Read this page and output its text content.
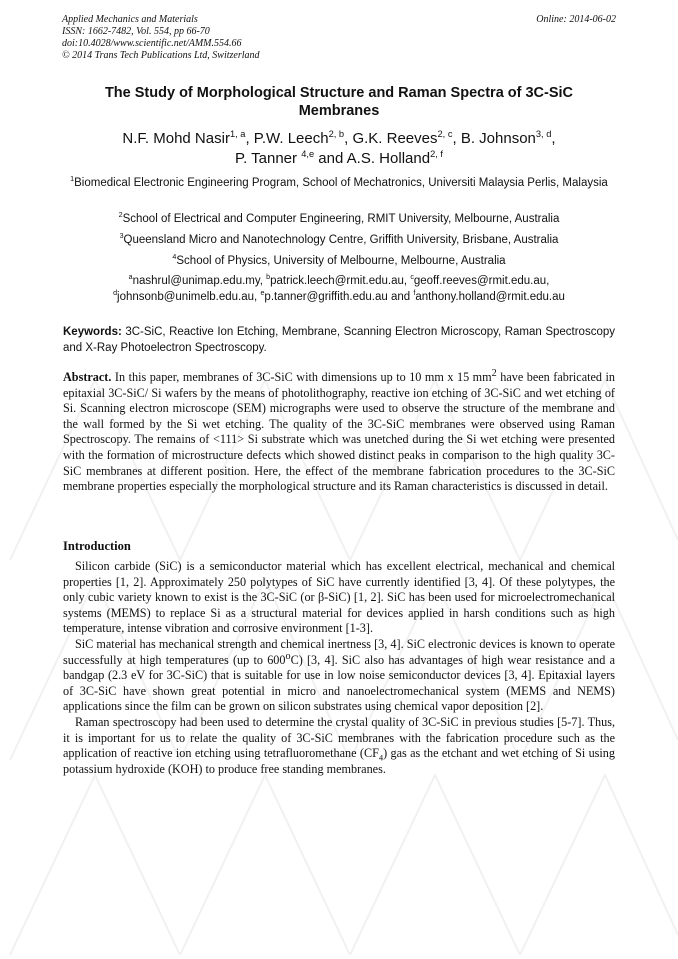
Applied Mechanics and Materials
ISSN: 1662-7482, Vol. 554, pp 66-70
doi:10.4028/www.scientific.net/AMM.554.66
© 2014 Trans Tech Publications Ltd, Switzerland
Online: 2014-06-02
The Study of Morphological Structure and Raman Spectra of 3C-SiC
Membranes
N.F. Mohd Nasir$^{1, a}$, P.W. Leech$^{2, b}$, G.K. Reeves$^{2, c}$, B. Johnson$^{3, d}$,
P. Tanner $^{4,e}$ and A.S. Holland$^{2, f}$
$^1$Biomedical Electronic Engineering Program, School of Mechatronics, Universiti Malaysia Perlis, Malaysia
$^2$School of Electrical and Computer Engineering, RMIT University, Melbourne, Australia
$^3$Queensland Micro and Nanotechnology Centre, Griffith University, Brisbane, Australia
$^4$School of Physics, University of Melbourne, Melbourne, Australia
$^a$nashrul@unimap.edu.my, $^b$patrick.leech@rmit.edu.au, $^c$geoff.reeves@rmit.edu.au,
$^d$johnsonb@unimelb.edu.au, $^e$p.tanner@griffith.edu.au and $^f$anthony.holland@rmit.edu.au
Keywords: 3C-SiC, Reactive Ion Etching, Membrane, Scanning Electron Microscopy, Raman Spectroscopy and X-Ray Photoelectron Spectroscopy.
Abstract. In this paper, membranes of 3C-SiC with dimensions up to 10 mm x 15 $mm^2$ have been fabricated in epitaxial 3C-SiC/ Si wafers by the means of photolithography, reactive ion etching of 3C-SiC and wet etching of Si. Scanning electron microscope (SEM) micrographs were used to observe the structure of the membrane and the wall formed by the Si wet etching. The quality of the 3C-SiC membranes were observed using Raman Spectroscopy. The remains of <111> Si substrate which was unetched during the Si wet etching were presented with the formation of microstructure defects which showed distinct peaks in comparison to the high quality 3C-SiC membranes at different position. Here, the effect of the membrane fabrication procedures to the 3C-SiC membrane properties especially the morphological structure and its Raman characteristics is discussed in detail.
Introduction

Silicon carbide (SiC) is a semiconductor material which has excellent electrical, mechanical and chemical properties [1, 2]. Approximately 250 polytypes of SiC have currently identified [3, 4]. Of these polytypes, the only cubic variety known to exist is the 3C-SiC (or β-SiC) [1, 2]. SiC has been used for microelectromechanical systems (MEMS) to replace Si as a structural material for devices applied in harsh conditions such as high temperature, intense vibration and corrosive environment [1-3].

SiC material has mechanical strength and chemical inertness [3, 4]. SiC electronic devices is known to operate successfully at high temperatures (up to 600$^o$C) [3, 4]. SiC also has advantages of high wear resistance and a bandgap (2.3 eV for 3C-SiC) that is suitable for use in low noise semiconductor devices [3, 4]. Epitaxial layers of 3C-SiC have shown great potential in micro and nanoelectromechanical system (MEMS and NEMS) applications since the film can be grown on silicon substrates using chemical vapor deposition [2].

Raman spectroscopy had been used to determine the crystal quality of 3C-SiC in previous studies [5-7]. Thus, it is important for us to relate the quality of 3C-SiC membranes with the fabrication procedure such as the application of reactive ion etching using tetrafluoromethane $(CF_4)$ gas as the etchant and wet etching of Si using potassium hydroxide (KOH) to produce free standing membranes.
